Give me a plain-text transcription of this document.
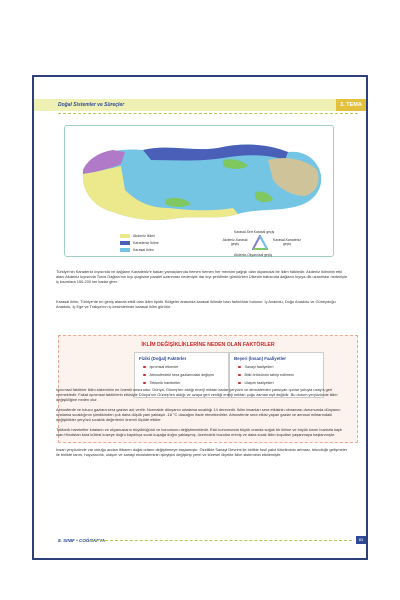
Doğal Sistemler ve Süreçler	3. TEMA
Akdeniz İklimi
Karadeniz İklimi
Karasal İklim
Karasal-Sert Karasal geçiş
Akdeniz-Karasal geçiş
Karasal-Karadeniz geçiş
Akdeniz-Okyanusal geçiş

Türkiye'nin Karadeniz kıyısında ve dağların Karadeniz'e bakan yamaçlarında hemen hemen her mevsim yağışlı olan okyanusal bir iklim hâkimdir. Akdeniz ikliminin etki alanı Akdeniz kıyısında Toros Dağları'nın kıyı çizgisine paralel uzanması nedeniyle dar kıyı şeridinde görülürken Ülkenin batısında dağların kıyıya dik uzanması nedeniyle iç kısımlara 150-200 km kadar girer.

Karasal iklim, Türkiye'de en geniş alanda etkili olan iklim tipidir. Bölgeler arasında karasal iklimde bazı farklılıklar bulunur. İç Anadolu, Doğu Anadolu ve Güneydoğu Anadolu, İç Ege ve Trakya'nın iç kesimlerinde karasal iklim görülür.

İKLİM DEĞİŞİKLİKLERİNE NEDEN OLAN FAKTÖRLER
Fiziki (Doğal) Faktörler
Işınımsal etkenler
Atmosferdeki sera gazlarındaki değişim
Tektonik hareketler
Beşeri (İnsan) Faaliyetler
Sanayi faaliyetleri
Bitki örtüsünün tahrip edilmesi
Ulaşım faaliyetleri

Işınımsal faktörler iklim sisteminin en önemli unsurudur. Dünya, Güneş'ten aldığı enerji miktarı kadar yeryüzü ve atmosferden yansıyan ışınlar yoluyla uzay'a geri vermektedir. Fakat ışınımsal faktörlerin etkisiyle Dünya'nın Güneş'ten aldığı ve uzaya geri verdiği enerji miktarı çoğu zaman eşit değildir. Bu durum yeryüzünde iklim değişikliğine neden olur.

Atmosferde ve tutucu gazlara sera gazları adı verilir. Normalde dünyanın ortalama sıcaklığı 14 derecedir. İklim insanları sera etkisinin olmaması durumunda dünyanın ortalama sıcaklığının şimdikinden çok daha düşük yani yaklaşık -18 °C olacağını ifade etmektedirler. Atmosferde sera etkisi yapan gazlar ve aerosol miktarındaki değişiklikler yeryüzü sıcaklık değerlerini önemli ölçüde etkiler.

Tektonik hareketler kıtaların ve okyanusların büyüklüğünü ve konumunu değiştirmektedir. Eski konumunda büyük oranda soğuk bir iklime ve büyük kısmı buzlarla kaplı olan Hindistan kara kütlesi kuzeye doğru kaydıkça sıcak kuşağa doğru yaklaşmış, üzerindeki buzullar erimiş ve daha sıcak iklim koşulları yaşanmaya başlanmıştır.

İnsan yeryüzünde var olduğu andan itibaren doğal ortamı değiştirmeye başlamıştır. Özellikle Sanayi Devrimi ile birlikte fosil yakıt tüketiminin artması, teknolojik gelişmeler ile birlikte tarım, hayvancılık, ulaşım ve sanayi ekosisteminin işleyişini değiştirip yerel ve küresel ölçekte iklim sisteminin etkilemiştir.

8. SINIF • COĞRAFYA	83
